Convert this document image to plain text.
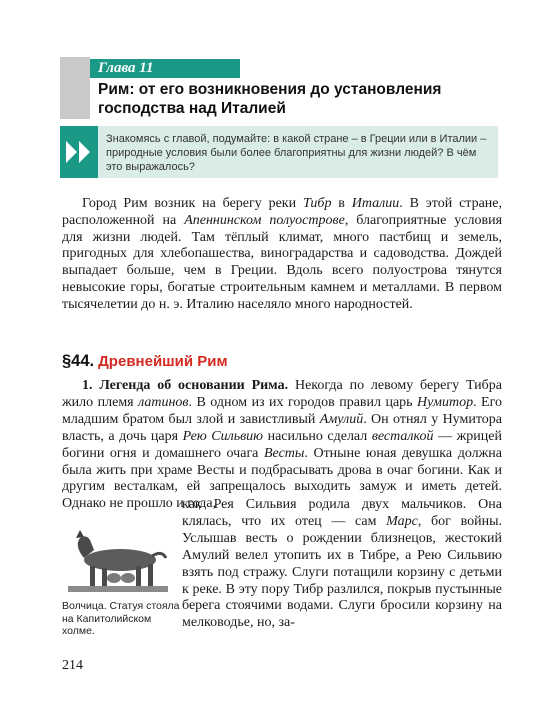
Глава 11
Рим: от его возникновения до установления господства над Италией
Знакомясь с главой, подумайте: в какой стране – в Греции или в Италии – природные условия были более благоприятны для жизни людей? В чём это выражалось?
Город Рим возник на берегу реки Тибр в Италии. В этой стране, расположенной на Апеннинском полуострове, благоприятные условия для жизни людей. Там тёплый климат, много пастбищ и земель, пригодных для хлебопашества, виноградарства и садоводства. Дождей выпадает больше, чем в Греции. Вдоль всего полуострова тянутся невысокие горы, богатые строительным камнем и металлами. В первом тысячелетии до н. э. Италию населяло много народностей.
§44. Древнейший Рим
1. Легенда об основании Рима. Некогда по левому берегу Тибра жило племя латинов. В одном из их городов правил царь Нумитор. Его младшим братом был злой и завистливый Амулий. Он отнял у Нумитора власть, а дочь царя Рею Сильвию насильно сделал весталкой — жрицей богини огня и домашнего очага Весты. Отныне юная девушка должна была жить при храме Весты и подбрасывать дрова в очаг богини. Как и другим весталкам, ей запрещалось выходить замуж и иметь детей. Однако не прошло и года,
как Рея Сильвия родила двух мальчиков. Она клялась, что их отец — сам Марс, бог войны. Услышав весть о рождении близнецов, жестокий Амулий велел утопить их в Тибре, а Рею Сильвию взять под стражу. Слуги потащили корзину с детьми к реке. В эту пору Тибр разлился, покрыв пустынные берега стоячими водами. Слуги бросили корзину на мелководье, но, за-
Волчица. Статуя стояла на Капитолийском холме.
214
